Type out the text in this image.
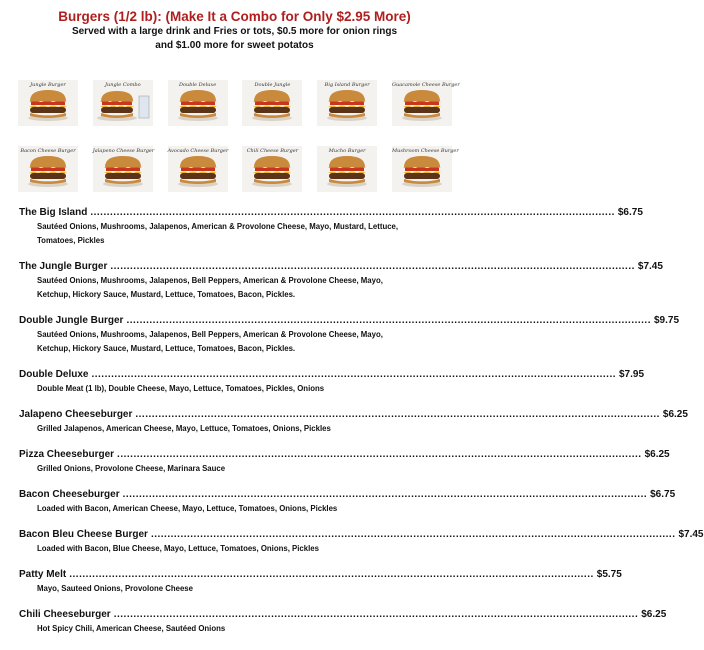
Burgers (1/2 lb): (Make It a Combo for Only $2.95 More)
Served with a large drink and Fries or tots, $0.5 more for onion rings
and $1.00 more for sweet potatos
Jungle Burger	Jungle Combo	Double Deluxe	Double Jungle	Big Island Burger	Guacamole Cheese Burger
Bacon Cheese Burger	Jalapeno Cheese Burger	Avocado Cheese Burger	Chili Cheese Burger	Mucho Burger	Mushroom Cheese Burger
The Big Island ................................................................................................................................................................ $6.75
Sautéed Onions, Mushrooms, Jalapenos, American & Provolone Cheese, Mayo, Mustard, Lettuce, Tomatoes, Pickles
The Jungle Burger ................................................................................................................................................................ $7.45
Sautéed Onions, Mushrooms, Jalapenos, Bell Peppers, American & Provolone Cheese, Mayo, Ketchup, Hickory Sauce, Mustard, Lettuce, Tomatoes, Bacon, Pickles.
Double Jungle Burger ................................................................................................................................................................ $9.75
Sautéed Onions, Mushrooms, Jalapenos, Bell Peppers, American & Provolone Cheese, Mayo, Ketchup, Hickory Sauce, Mustard, Lettuce, Tomatoes, Bacon, Pickles.
Double Deluxe ................................................................................................................................................................ $7.95
Double Meat (1 lb), Double Cheese, Mayo, Lettuce, Tomatoes, Pickles, Onions
Jalapeno Cheeseburger ................................................................................................................................................................ $6.25
Grilled Jalapenos, American Cheese, Mayo, Lettuce, Tomatoes, Onions, Pickles
Pizza Cheeseburger ................................................................................................................................................................ $6.25
Grilled Onions, Provolone Cheese, Marinara Sauce
Bacon Cheeseburger ................................................................................................................................................................ $6.75
Loaded with Bacon, American Cheese, Mayo, Lettuce, Tomatoes, Onions, Pickles
Bacon Bleu Cheese Burger ................................................................................................................................................................ $7.45
Loaded with Bacon, Blue Cheese, Mayo, Lettuce, Tomatoes, Onions, Pickles
Patty Melt ................................................................................................................................................................ $5.75
Mayo, Sauteed Onions, Provolone Cheese
Chili Cheeseburger ................................................................................................................................................................ $6.25
Hot Spicy Chili, American Cheese, Sautéed Onions
